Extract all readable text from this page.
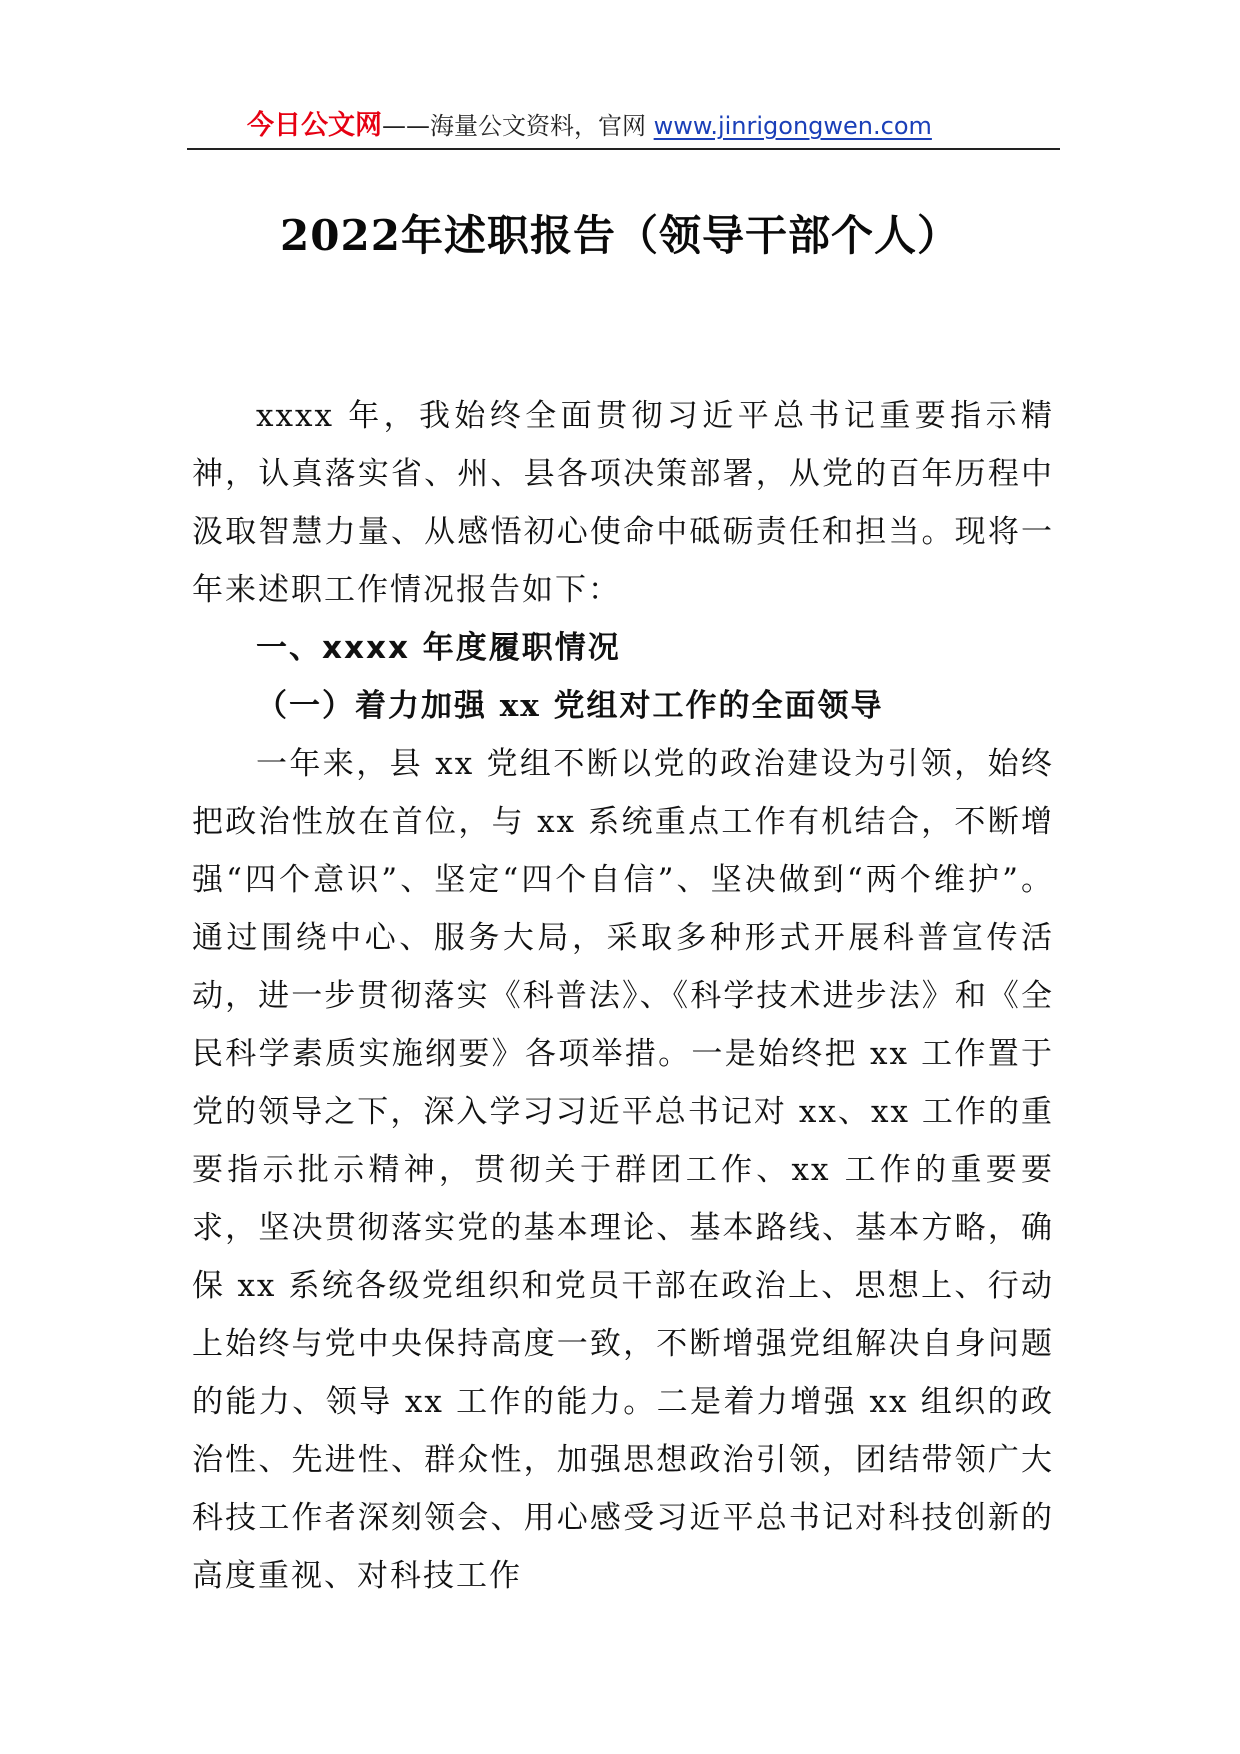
今日公文网——海量公文资料，官网 www.jinrigongwen.com
2022年述职报告（领导干部个人）

xxxx 年，我始终全面贯彻习近平总书记重要指示精神，认真落实省、州、县各项决策部署，从党的百年历程中汲取智慧力量、从感悟初心使命中砥砺责任和担当。现将一年来述职工作情况报告如下：

一、xxxx 年度履职情况

（一）着力加强 xx 党组对工作的全面领导

一年来，县 xx 党组不断以党的政治建设为引领，始终把政治性放在首位，与 xx 系统重点工作有机结合，不断增强“四个意识”、坚定“四个自信”、坚决做到“两个维护”。通过围绕中心、服务大局，采取多种形式开展科普宣传活动，进一步贯彻落实《科普法》、《科学技术进步法》和《全民科学素质实施纲要》各项举措。一是始终把 xx 工作置于党的领导之下，深入学习习近平总书记对 xx、xx 工作的重要指示批示精神，贯彻关于群团工作、xx 工作的重要要求，坚决贯彻落实党的基本理论、基本路线、基本方略，确保 xx 系统各级党组织和党员干部在政治上、思想上、行动上始终与党中央保持高度一致，不断增强党组解决自身问题的能力、领导 xx 工作的能力。二是着力增强 xx 组织的政治性、先进性、群众性，加强思想政治引领，团结带领广大科技工作者深刻领会、用心感受习近平总书记对科技创新的高度重视、对科技工作
